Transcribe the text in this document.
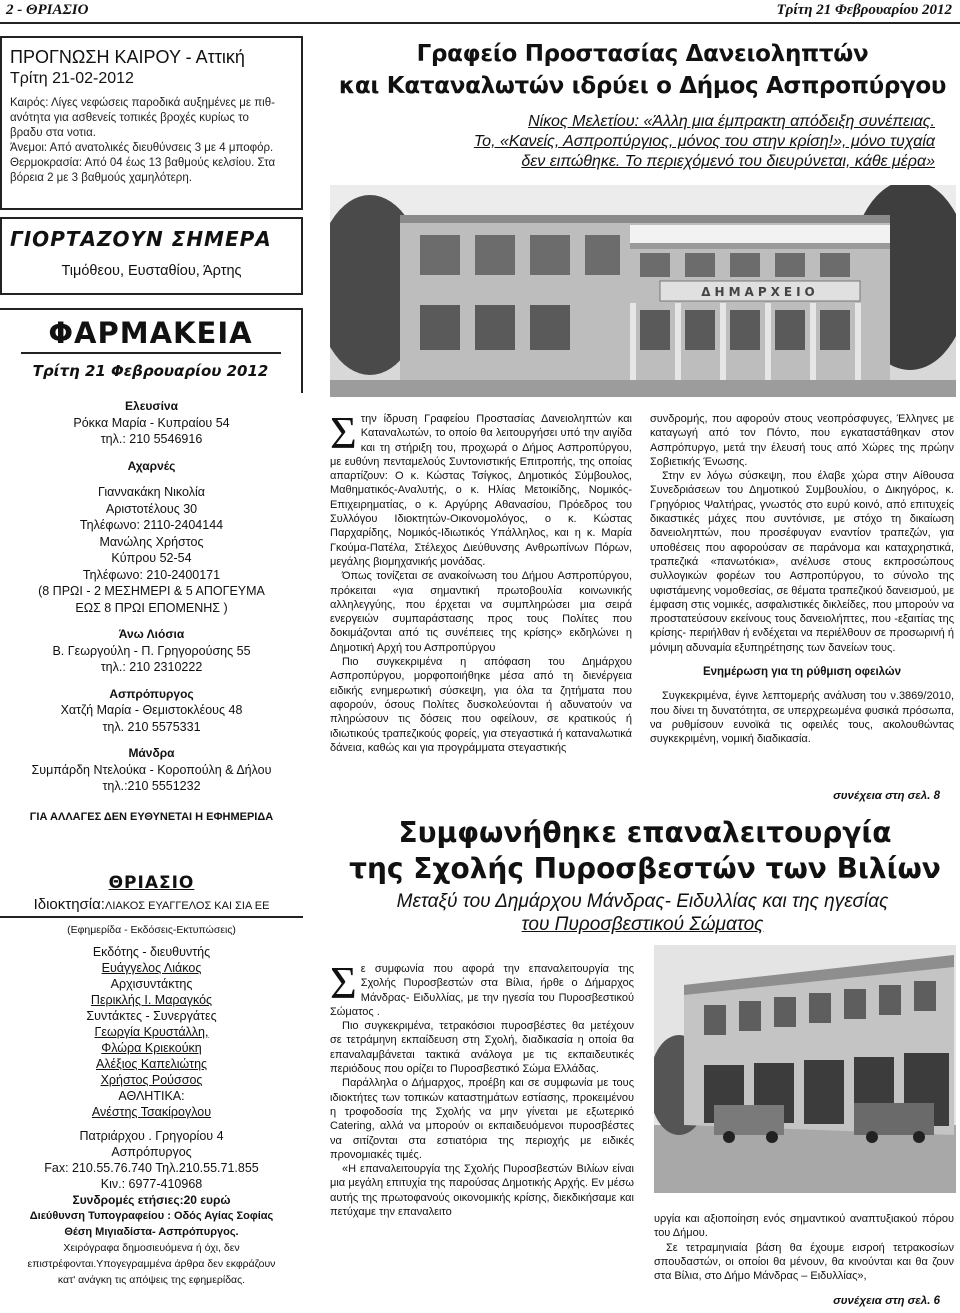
2 - ΘΡΙΑΣΙΟ	Τρίτη 21 Φεβρουαρίου 2012
ΠΡΟΓΝΩΣΗ ΚΑΙΡΟΥ - Αττική
Τρίτη 21-02-2012
Καιρός: Λίγες νεφώσεις παροδικά αυξημένες με πιθ-
ανότητα για ασθενείς τοπικές βροχές κυρίως το
βραδυ στα νοτια.
Άνεμοι: Από ανατολικές διευθύνσεις 3 με 4 μποφόρ.
Θερμοκρασία: Από 04 έως 13 βαθμούς κελσίου. Στα
βόρεια 2 με 3 βαθμούς χαμηλότερη.
ΓΙΟΡΤΑΖΟΥΝ ΣΗΜΕΡΑ
Τιμόθεου, Ευσταθίου, Άρτης
ΦΑΡΜΑΚΕΙΑ
Τρίτη 21 Φεβρουαρίου 2012
Ελευσίνα
Ρόκκα Μαρία - Κυπραίου 54
τηλ.: 210 5546916
Αχαρνές
Γιαννακάκη Νικολία
Αριστοτέλους 30
Τηλέφωνο: 2110-2404144
Μανώλης Χρήστος
Κύπρου 52-54
Τηλέφωνο: 210-2400171
(8 ΠΡΩΙ - 2 ΜΕΣΗΜΕΡΙ & 5 ΑΠΟΓΕΥΜΑ
ΕΩΣ 8 ΠΡΩΙ ΕΠΟΜΕΝΗΣ )
Άνω Λιόσια
Β. Γεωργούλη - Π. Γρηγορούσης 55
τηλ.: 210 2310222
Ασπρόπυργος
Χατζή Μαρία - Θεμιστοκλέους 48
τηλ. 210 5575331
Μάνδρα
Συμπάρδη Ντελούκα - Κοροπούλη & Δήλου
τηλ.:210 5551232
ΓΙΑ ΑΛΛΑΓΕΣ ΔΕΝ ΕΥΘΥΝΕΤΑΙ Η ΕΦΗΜΕΡΙΔΑ
ΘΡΙΑΣΙΟ
Ιδιοκτησία:ΛΙΑΚΟΣ ΕΥΑΓΓΕΛΟΣ ΚΑΙ ΣΙΑ ΕΕ
(Εφημερίδα - Εκδόσεις-Εκτυπώσεις)
Εκδότης - διευθυντής
Ευάγγελος Λιάκος
Αρχισυντάκτης
Περικλής Ι. Μαραγκός
Συντάκτες - Συνεργάτες
Γεωργία Κρυστάλλη,
Φλώρα Κριεκούκη
Αλέξιος Καπελιώτης
Χρήστος Ρούσσος
ΑΘΛΗΤΙΚΑ:
Ανέστης Τσακίρογλου
Πατριάρχου . Γρηγορίου 4
Ασπρόπυργος
Fax: 210.55.76.740 Τηλ.210.55.71.855
Κιν.: 6977-410968
Συνδρομές ετήσιες:20 ευρώ
Διεύθυνση Τυπογραφείου : Οδός Αγίας Σοφίας
Θέση Μιγιαδίστα- Ασπρόπυργος.
Χειρόγραφα δημοσιευόμενα ή όχι, δεν
επιστρέφονται.Υπογεγραμμένα άρθρα δεν εκφράζουν
κατ' ανάγκη τις απόψεις της εφημερίδας.
Γραφείο Προστασίας Δανειοληπτών
και Καταναλωτών ιδρύει ο Δήμος Ασπροπύργου
Νίκος Μελετίου: «Άλλη μια έμπρακτη απόδειξη συνέπειας.
Το, «Κανείς, Ασπροπύργιος, μόνος του στην κρίση!», μόνο τυχαία
δεν ειπώθηκε. Το περιεχόμενό του διευρύνεται, κάθε μέρα»
ΔΗΜΑΡΧΕΙΟ

Στην ίδρυση Γραφείου Προστασίας Δανειοληπτών και Καταναλωτών, το οποίο θα λειτουργήσει υπό την αιγίδα και τη στήριξη του, προχωρά ο Δήμος Ασπροπύργου, με ευθύνη πενταμελούς Συντονιστικής Επιτροπής, της οποίας απαρτίζουν: Ο κ. Κώστας Τσίγκος, Δημοτικός Σύμβουλος, Μαθηματικός-Αναλυτής, ο κ. Ηλίας Μετοικίδης, Νομικός-Επιχειρηματίας, ο κ. Αργύρης Αθανασίου, Πρόεδρος του Συλλόγου Ιδιοκτητών-Οικονομολόγος, ο κ. Κώστας Παρχαρίδης, Νομικός-Ιδιωτικός Υπάλληλος, και η κ. Μαρία Γκούμα-Πατέλα, Στέλεχος Διεύθυνσης Ανθρωπίνων Πόρων, μεγάλης βιομηχανικής μονάδας.

Όπως τονίζεται σε ανακοίνωση του Δήμου Ασπροπύργου, πρόκειται «για σημαντική πρωτοβουλία κοινωνικής αλληλεγγύης, που έρχεται να συμπληρώσει μια σειρά ενεργειών συμπαράστασης προς τους Πολίτες που δοκιμάζονται από τις συνέπειες της κρίσης» εκδηλώνει η Δημοτική Αρχή του Ασπροπύργου

Πιο συγκεκριμένα η απόφαση του Δημάρχου Ασπροπύργου, μορφοποιήθηκε μέσα από τη διενέργεια ειδικής ενημερωτική σύσκεψη, για όλα τα ζητήματα που αφορούν, όσους Πολίτες δυσκολεύονται ή αδυνατούν να πληρώσουν τις δόσεις που οφείλουν, σε κρατικούς ή ιδιωτικούς τραπεζικούς φορείς, για στεγαστικά ή καταναλωτικά δάνεια, καθώς και για προγράμματα στεγαστικής

συνδρομής, που αφορούν στους νεοπρόσφυγες, Έλληνες με καταγωγή από τον Πόντο, που εγκαταστάθηκαν στον Ασπρόπυργο, μετά την έλευσή τους από Χώρες της πρώην Σοβιετικής Ένωσης.

Στην εν λόγω σύσκεψη, που έλαβε χώρα στην Αίθουσα Συνεδριάσεων του Δημοτικού Συμβουλίου, ο Δικηγόρος, κ. Γρηγόριος Ψαλτήρας, γνωστός στο ευρύ κοινό, από επιτυχείς δικαστικές μάχες που συντόνισε, με στόχο τη δικαίωση δανειοληπτών, που προσέφυγαν εναντίον τραπεζών, για υποθέσεις που αφορούσαν σε παράνομα και καταχρηστικά, τραπεζικά «πανωτόκια», ανέλυσε στους εκπροσώπους συλλογικών φορέων του Ασπροπύργου, το σύνολο της υφιστάμενης νομοθεσίας, σε θέματα τραπεζικού δανεισμού, με έμφαση στις νομικές, ασφαλιστικές δικλείδες, που μπορούν να προστατεύσουν εκείνους τους δανειολήπτες, που -εξαιτίας της κρίσης- περιήλθαν ή ενδέχεται να περιέλθουν σε προσωρινή ή μόνιμη αδυναμία εξυπηρέτησης των δανείων τους.

Ενημέρωση για τη ρύθμιση οφειλών

Συγκεκριμένα, έγινε λεπτομερής ανάλυση του ν.3869/2010, που δίνει τη δυνατότητα, σε υπερχρεωμένα φυσικά πρόσωπα, να ρυθμίσουν ευνοϊκά τις οφειλές τους, ακολουθώντας συγκεκριμένη, νομική διαδικασία.

συνέχεια στη σελ. 8
Συμφωνήθηκε επαναλειτουργία
της Σχολής Πυροσβεστών των Βιλίων
Μεταξύ του Δημάρχου Μάνδρας- Ειδυλλίας και της ηγεσίας
του Πυροσβεστικού Σώματος

Σε συμφωνία που αφορά την επαναλειτουργία της Σχολής Πυροσβεστών στα Βίλια, ήρθε ο Δήμαρχος Μάνδρας- Ειδυλλίας, με την ηγεσία του Πυροσβεστικού Σώματος .

Πιο συγκεκριμένα, τετρακόσιοι πυροσβέστες θα μετέχουν σε τετράμηνη εκπαίδευση στη Σχολή, διαδικασία η οποία θα επαναλαμβάνεται τακτικά ανάλογα με τις εκπαιδευτικές περιόδους που ορίζει το Πυροσβεστικό Σώμα Ελλάδας.

Παράλληλα ο Δήμαρχος, προέβη και σε συμφωνία με τους ιδιοκτήτες των τοπικών καταστημάτων εστίασης, προκειμένου η τροφοδοσία της Σχολής να μην γίνεται με εξωτερικό Catering, αλλά να μπορούν οι εκπαιδευόμενοι πυροσβέστες να σιτίζονται στα εστιατόρια της περιοχής με ειδικές προνομιακές τιμές.

«Η επαναλειτουργία της Σχολής Πυροσβεστών Βιλίων είναι μια μεγάλη επιτυχία της παρούσας Δημοτικής Αρχής. Εν μέσω αυτής της πρωτοφανούς οικονομικής κρίσης, διεκδικήσαμε και πετύχαμε την επαναλειτο

υργία και αξιοποίηση ενός σημαντικού αναπτυξιακού πόρου του Δήμου.

Σε τετραμηνιαία βάση θα έχουμε εισροή τετρακοσίων σπουδαστών, οι οποίοι θα μένουν, θα κινούνται και θα ζουν στα Βίλια, στο Δήμο Μάνδρας – Ειδυλλίας»,

συνέχεια στη σελ. 6
